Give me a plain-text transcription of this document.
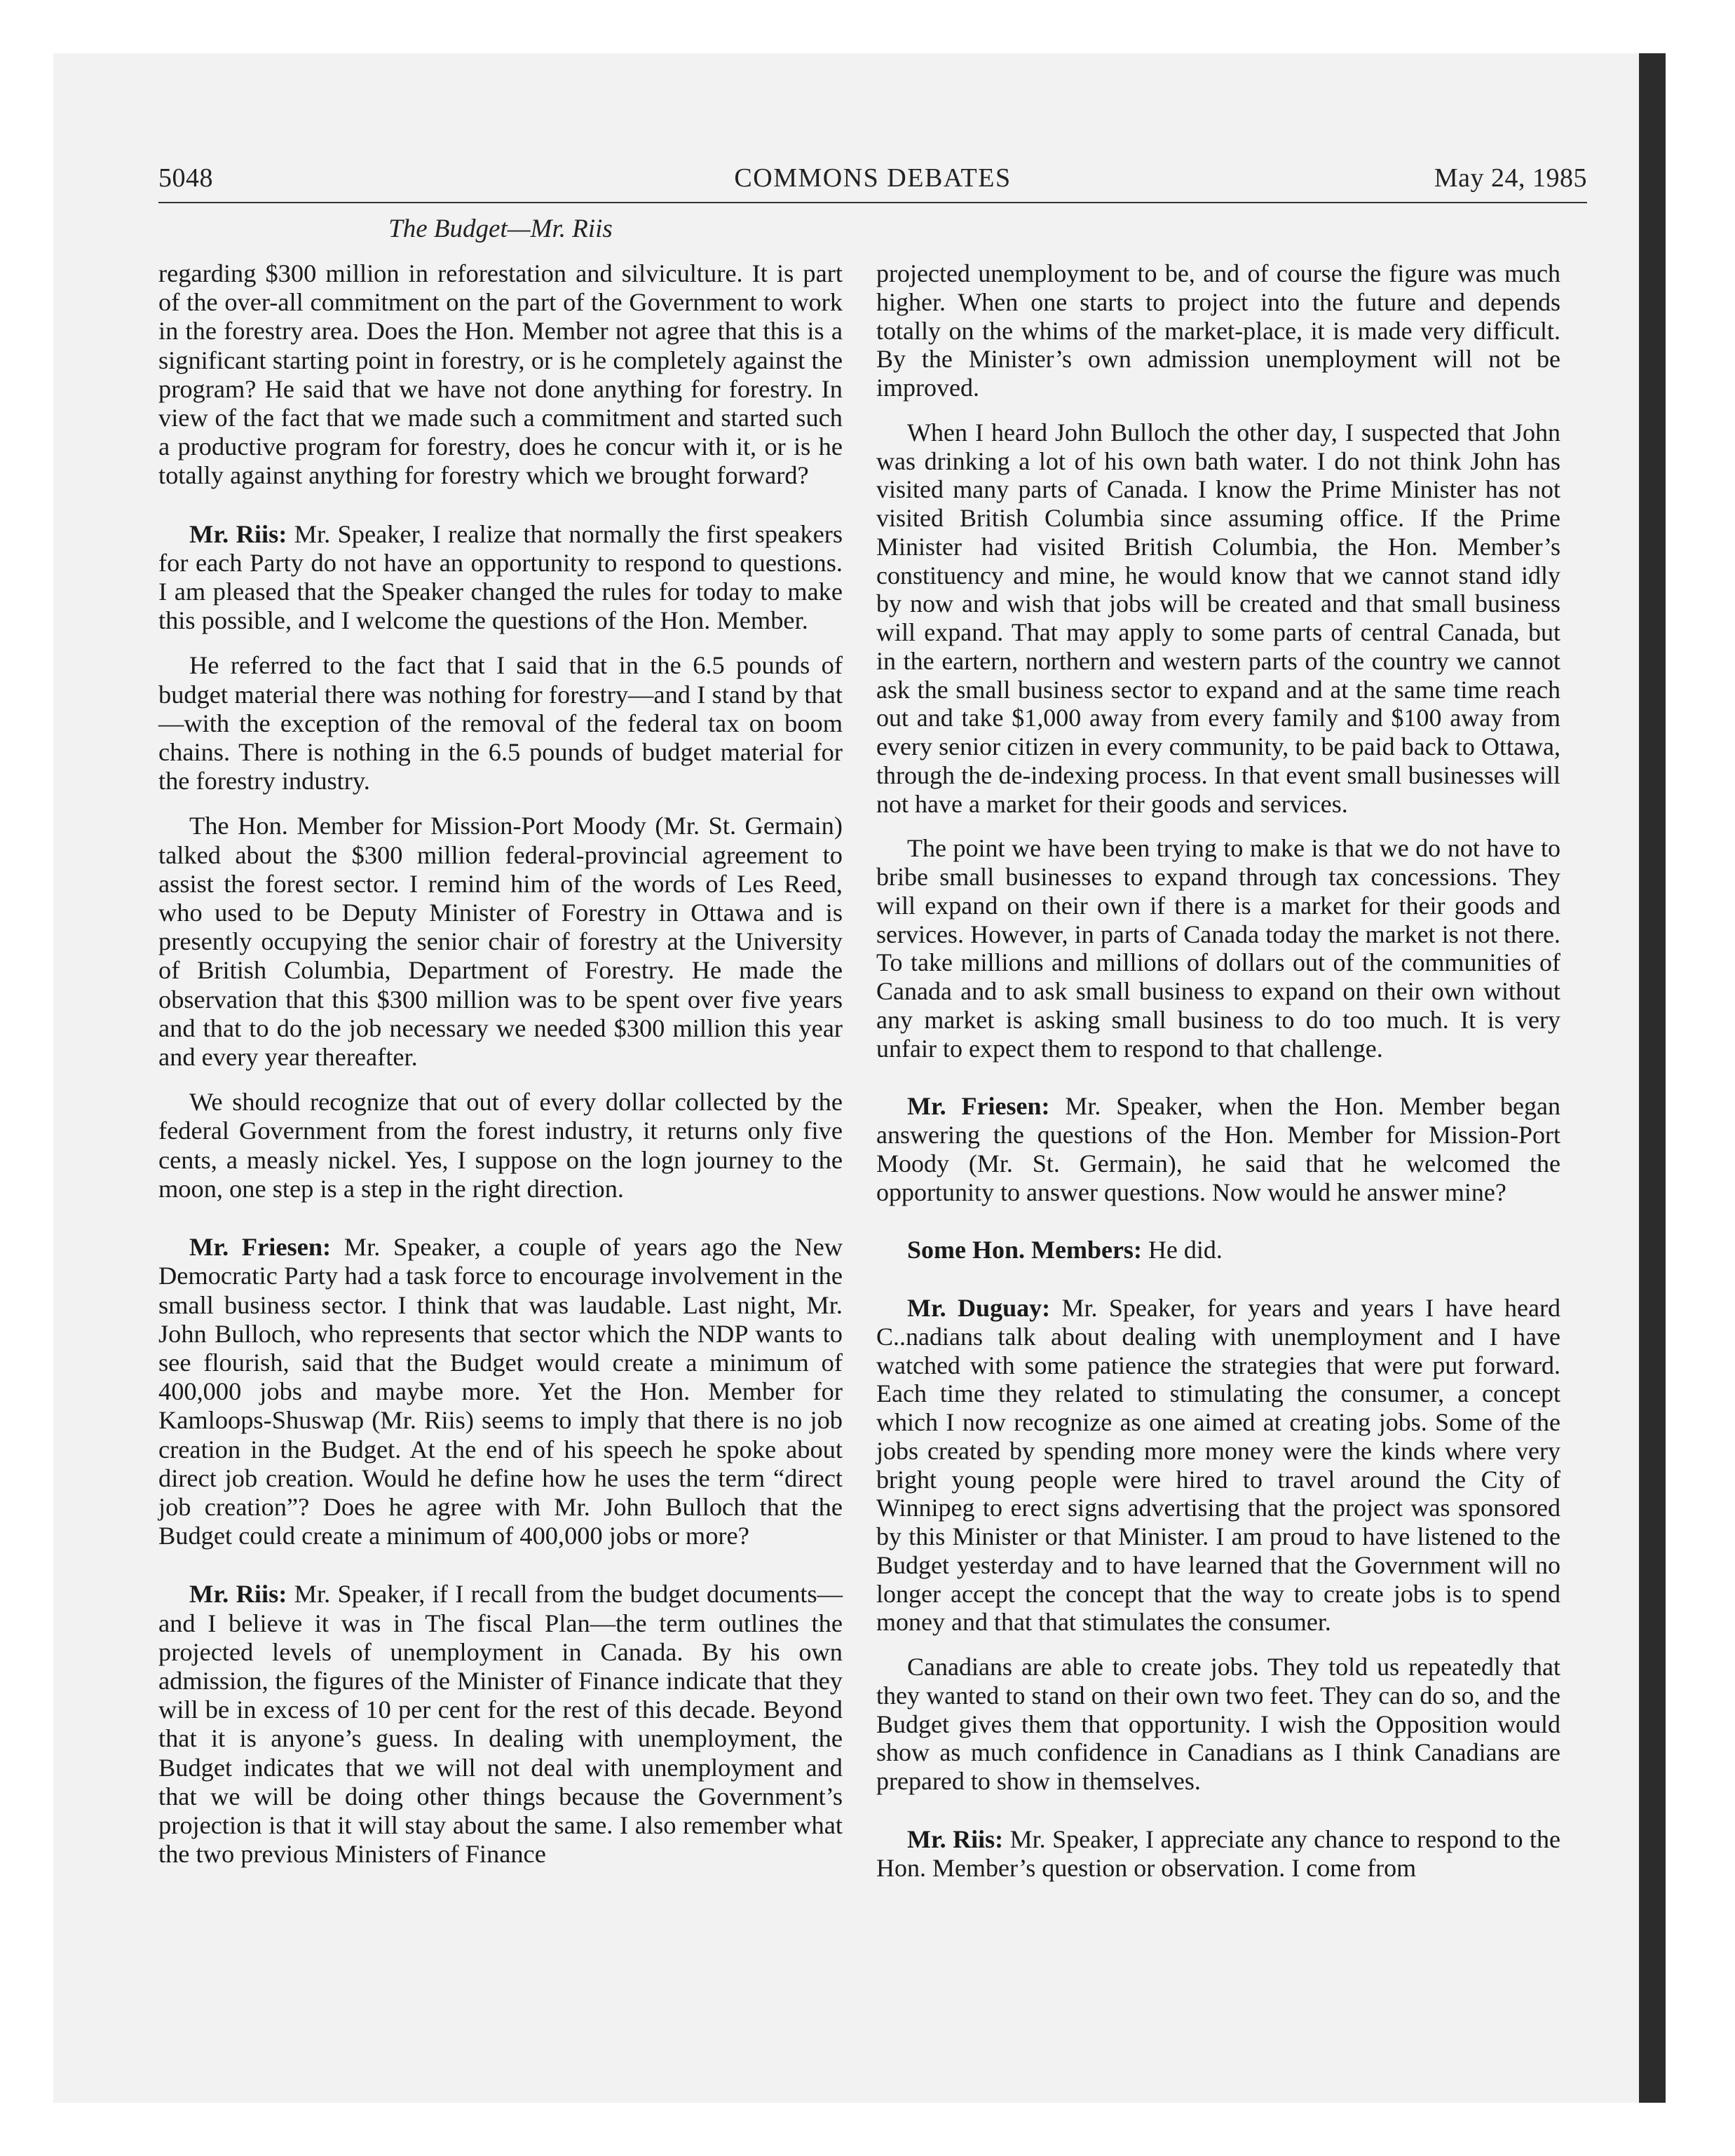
5048	COMMONS DEBATES	May 24, 1985
The Budget—Mr. Riis

regarding $300 million in reforestation and silviculture. It is part of the over-all commitment on the part of the Government to work in the forestry area. Does the Hon. Member not agree that this is a significant starting point in forestry, or is he completely against the program? He said that we have not done anything for forestry. In view of the fact that we made such a commitment and started such a productive program for forestry, does he concur with it, or is he totally against anything for forestry which we brought forward?

Mr. Riis: Mr. Speaker, I realize that normally the first speakers for each Party do not have an opportunity to respond to questions. I am pleased that the Speaker changed the rules for today to make this possible, and I welcome the questions of the Hon. Member.

He referred to the fact that I said that in the 6.5 pounds of budget material there was nothing for forestry—and I stand by that—with the exception of the removal of the federal tax on boom chains. There is nothing in the 6.5 pounds of budget material for the forestry industry.

The Hon. Member for Mission-Port Moody (Mr. St. Germain) talked about the $300 million federal-provincial agreement to assist the forest sector. I remind him of the words of Les Reed, who used to be Deputy Minister of Forestry in Ottawa and is presently occupying the senior chair of forestry at the University of British Columbia, Department of Forestry. He made the observation that this $300 million was to be spent over five years and that to do the job necessary we needed $300 million this year and every year thereafter.

We should recognize that out of every dollar collected by the federal Government from the forest industry, it returns only five cents, a measly nickel. Yes, I suppose on the logn journey to the moon, one step is a step in the right direction.

Mr. Friesen: Mr. Speaker, a couple of years ago the New Democratic Party had a task force to encourage involvement in the small business sector. I think that was laudable. Last night, Mr. John Bulloch, who represents that sector which the NDP wants to see flourish, said that the Budget would create a minimum of 400,000 jobs and maybe more. Yet the Hon. Member for Kamloops-Shuswap (Mr. Riis) seems to imply that there is no job creation in the Budget. At the end of his speech he spoke about direct job creation. Would he define how he uses the term “direct job creation”? Does he agree with Mr. John Bulloch that the Budget could create a minimum of 400,000 jobs or more?

Mr. Riis: Mr. Speaker, if I recall from the budget documents—and I believe it was in The fiscal Plan—the term outlines the projected levels of unemployment in Canada. By his own admission, the figures of the Minister of Finance indicate that they will be in excess of 10 per cent for the rest of this decade. Beyond that it is anyone’s guess. In dealing with unemployment, the Budget indicates that we will not deal with unemployment and that we will be doing other things because the Government’s projection is that it will stay about the same. I also remember what the two previous Ministers of Finance

projected unemployment to be, and of course the figure was much higher. When one starts to project into the future and depends totally on the whims of the market-place, it is made very difficult. By the Minister’s own admission unemployment will not be improved.

When I heard John Bulloch the other day, I suspected that John was drinking a lot of his own bath water. I do not think John has visited many parts of Canada. I know the Prime Minister has not visited British Columbia since assuming office. If the Prime Minister had visited British Columbia, the Hon. Member’s constituency and mine, he would know that we cannot stand idly by now and wish that jobs will be created and that small business will expand. That may apply to some parts of central Canada, but in the eartern, northern and western parts of the country we cannot ask the small business sector to expand and at the same time reach out and take $1,000 away from every family and $100 away from every senior citizen in every community, to be paid back to Ottawa, through the de-indexing process. In that event small businesses will not have a market for their goods and services.

The point we have been trying to make is that we do not have to bribe small businesses to expand through tax concessions. They will expand on their own if there is a market for their goods and services. However, in parts of Canada today the market is not there. To take millions and millions of dollars out of the communities of Canada and to ask small business to expand on their own without any market is asking small business to do too much. It is very unfair to expect them to respond to that challenge.

Mr. Friesen: Mr. Speaker, when the Hon. Member began answering the questions of the Hon. Member for Mission-Port Moody (Mr. St. Germain), he said that he welcomed the opportunity to answer questions. Now would he answer mine?

Some Hon. Members: He did.

Mr. Duguay: Mr. Speaker, for years and years I have heard C..nadians talk about dealing with unemployment and I have watched with some patience the strategies that were put forward. Each time they related to stimulating the consumer, a concept which I now recognize as one aimed at creating jobs. Some of the jobs created by spending more money were the kinds where very bright young people were hired to travel around the City of Winnipeg to erect signs advertising that the project was sponsored by this Minister or that Minister. I am proud to have listened to the Budget yesterday and to have learned that the Government will no longer accept the concept that the way to create jobs is to spend money and that that stimulates the consumer.

Canadians are able to create jobs. They told us repeatedly that they wanted to stand on their own two feet. They can do so, and the Budget gives them that opportunity. I wish the Opposition would show as much confidence in Canadians as I think Canadians are prepared to show in themselves.

Mr. Riis: Mr. Speaker, I appreciate any chance to respond to the Hon. Member’s question or observation. I come from
